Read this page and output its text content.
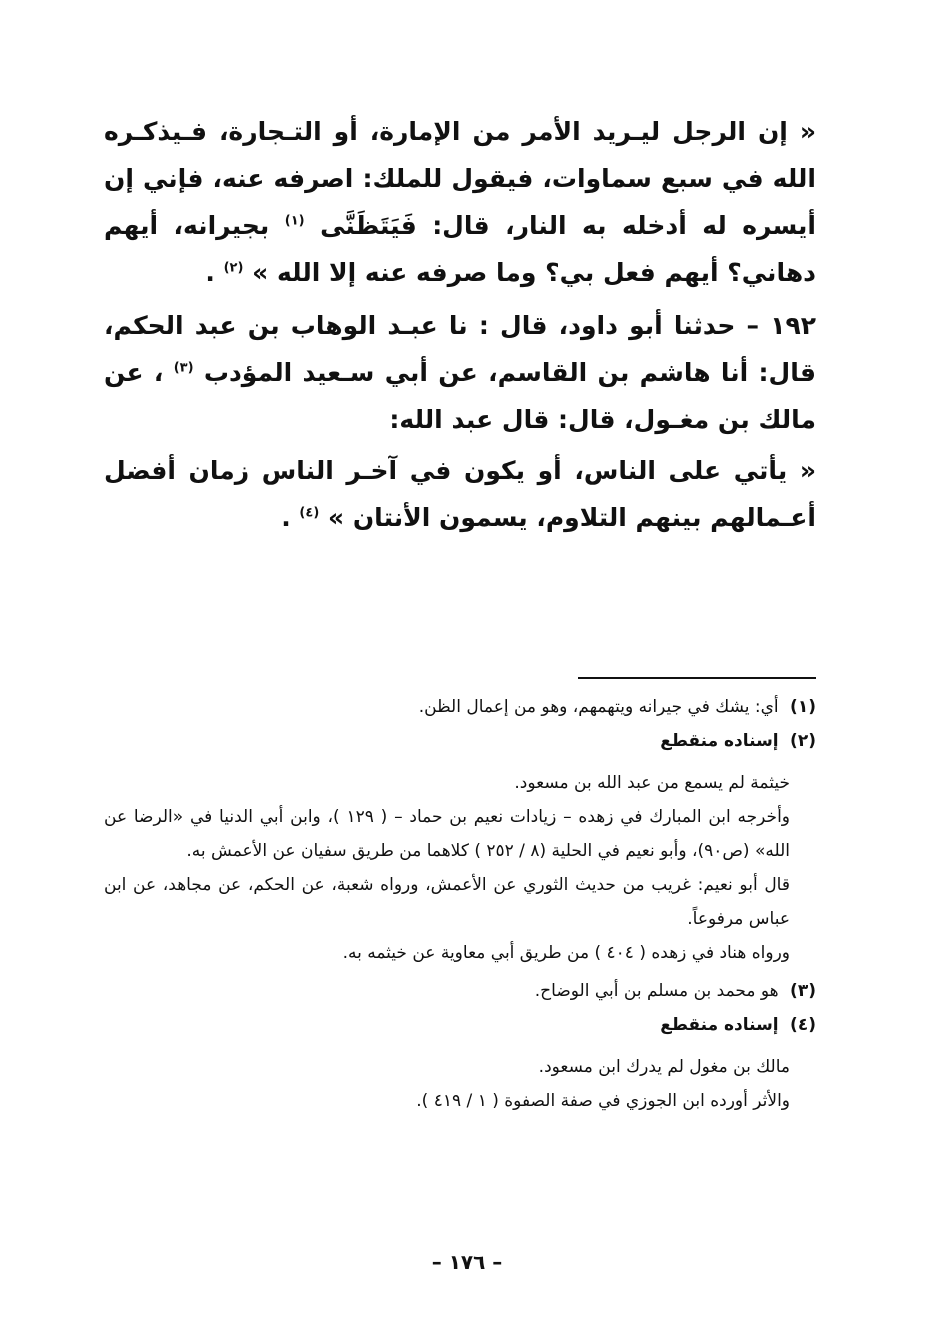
« إن الرجل ليـريد الأمر من الإمارة، أو التـجارة، فـيذكـره الله في سبع سماوات، فيقول للملك: اصرفه عنه، فإني إن أيسره له أدخله به النار، قال: فَيَتَظَنَّى $^{(١)}$ بجيرانه، أيهم دهاني؟ أيهم فعل بي؟ وما صرفه عنه إلا الله » $^{(٢)}$ .

١٩٢ – حدثنا أبو داود، قال : نا عبـد الوهاب بن عبد الحكم، قال: أنا هاشم بن القاسم، عن أبي سـعيد المؤدب $^{(٣)}$ ، عن مالك بن مغـول، قال: قال عبد الله:

« يأتي على الناس، أو يكون في آخـر الناس زمان أفضل أعـمالهم بينهم التلاوم، يسمون الأنتان » $^{(٤)}$ .

(١) أي: يشك في جيرانه ويتهمهم، وهو من إعمال الظن.

(٢) إسناده منقطع

خيثمة لم يسمع من عبد الله بن مسعود.

وأخرجه ابن المبارك في زهده – زيادات نعيم بن حماد – ( ١٢٩ )، وابن أبي الدنيا في «الرضا عن الله» (ص٩٠)، وأبو نعيم في الحلية (٨ / ٢٥٢ ) كلاهما من طريق سفيان عن الأعمش به.

قال أبو نعيم: غريب من حديث الثوري عن الأعمش، ورواه شعبة، عن الحكم، عن مجاهد، عن ابن عباس مرفوعاً.

ورواه هناد في زهده ( ٤٠٤ ) من طريق أبي معاوية عن خيثمه به.

(٣) هو محمد بن مسلم بن أبي الوضاح.

(٤) إسناده منقطع

مالك بن مغول لم يدرك ابن مسعود.

والأثر أورده ابن الجوزي في صفة الصفوة ( ١ / ٤١٩ ).

– ١٧٦ –
